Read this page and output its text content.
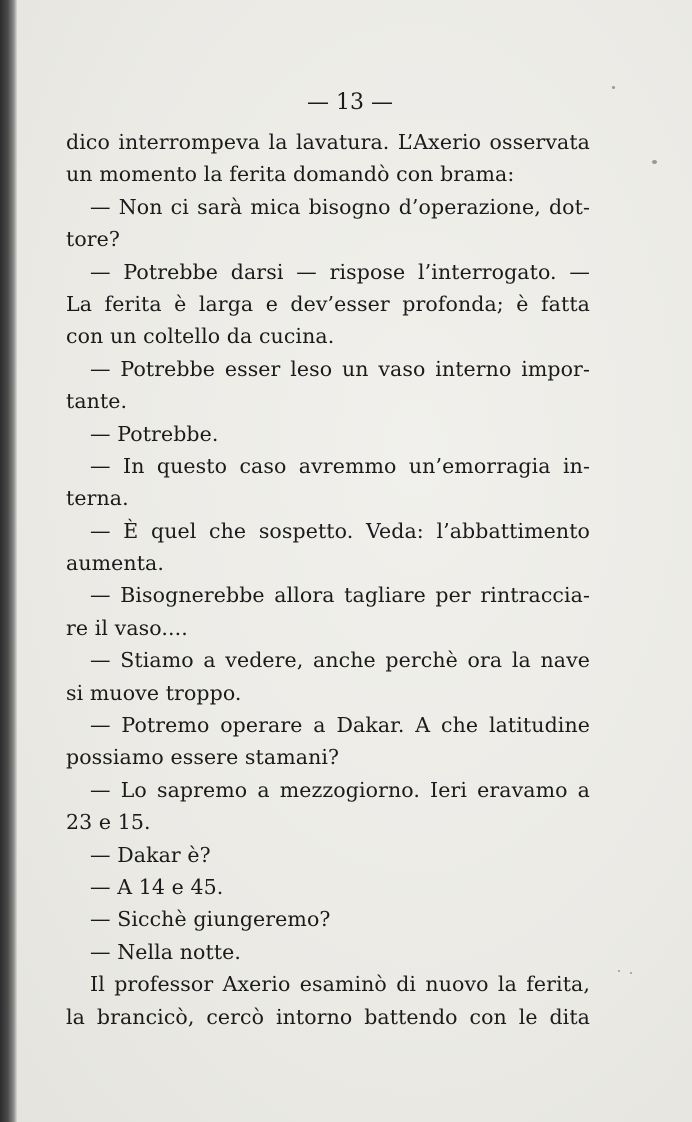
— 13 —
dico interrompeva la lavatura. L’Axerio osservata
un momento la ferita domandò con brama:
— Non ci sarà mica bisogno d’operazione, dot-
tore?
— Potrebbe darsi — rispose l’interrogato. —
La ferita è larga e dev’esser profonda; è fatta
con un coltello da cucina.
— Potrebbe esser leso un vaso interno impor-
tante.
— Potrebbe.
— In questo caso avremmo un’emorragia in-
terna.
— È quel che sospetto. Veda: l’abbattimento
aumenta.
— Bisognerebbe allora tagliare per rintraccia-
re il vaso....
— Stiamo a vedere, anche perchè ora la nave
si muove troppo.
— Potremo operare a Dakar. A che latitudine
possiamo essere stamani?
— Lo sapremo a mezzogiorno. Ieri eravamo a
23 e 15.
— Dakar è?
— A 14 e 45.
— Sicchè giungeremo?
— Nella notte.
Il professor Axerio esaminò di nuovo la ferita,
la brancicò, cercò intorno battendo con le dita
